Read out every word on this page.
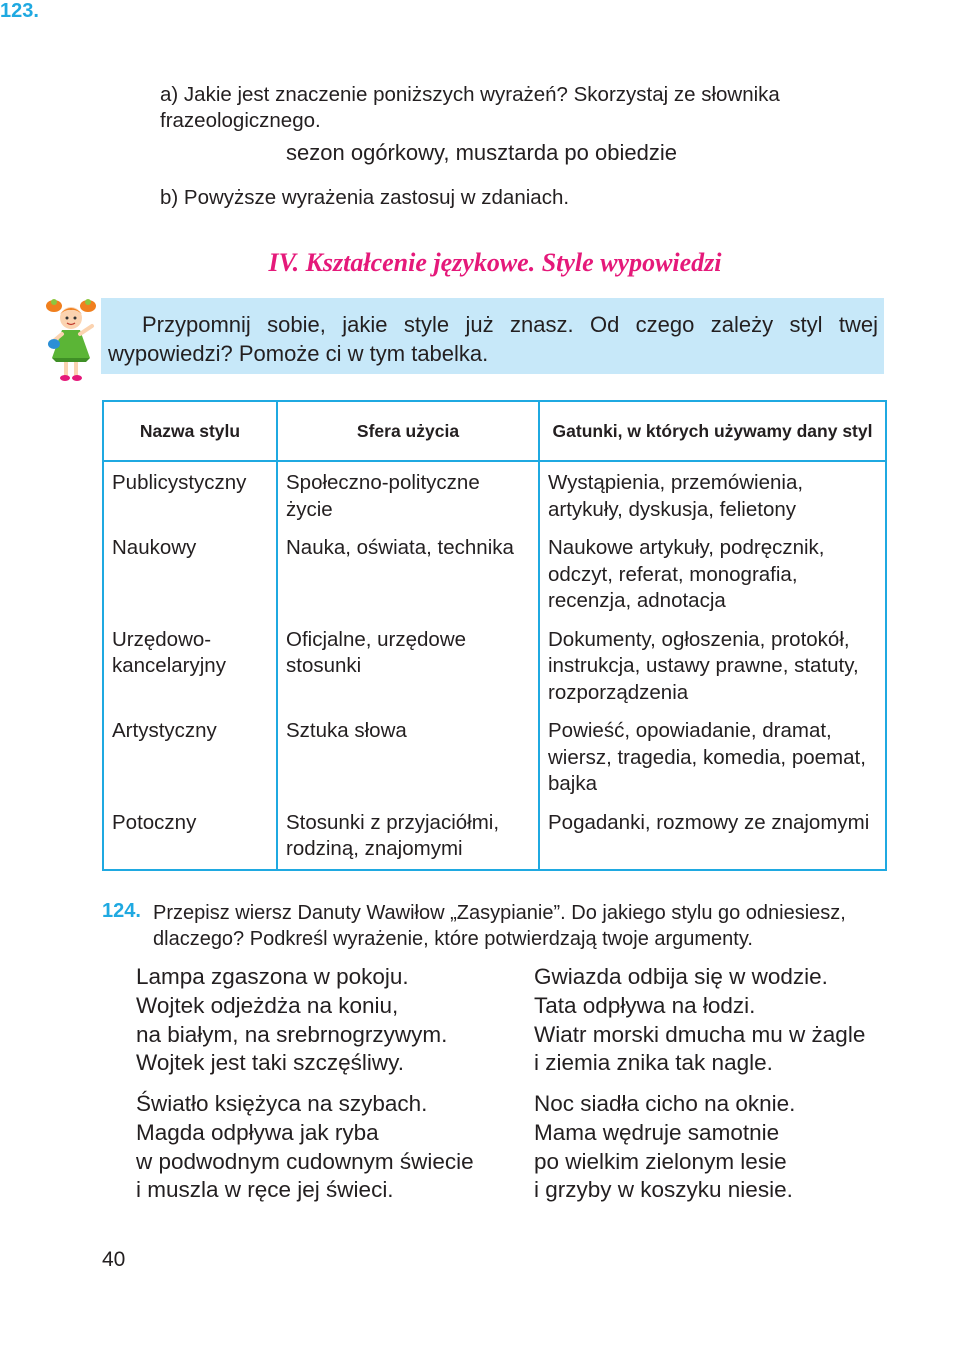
123.
a) Jakie jest znaczenie poniższych wyrażeń? Skorzystaj ze słownika frazeologicznego.
sezon ogórkowy, musztarda po obiedzie
b) Powyższe wyrażenia zastosuj w zdaniach.
IV. Kształcenie językowe. Style wypowiedzi
Przypomnij sobie, jakie style już znasz. Od czego zależy styl twej wypowiedzi? Pomoże ci w tym tabelka.
Nazwa stylu	Sfera użycia	Gatunki, w których używamy dany styl
Publicystyczny	Społeczno-polityczne życie	Wystąpienia, przemówienia, artykuły, dyskusja, felietony
Naukowy	Nauka, oświata, technika	Naukowe artykuły, podręcznik, odczyt, referat, monografia, recenzja, adnotacja
Urzędowo-kancelaryjny	Oficjalne, urzędowe stosunki	Dokumenty, ogłoszenia, protokół, instrukcja, ustawy prawne, statuty, rozporządzenia
Artystyczny	Sztuka słowa	Powieść, opowiadanie, dramat, wiersz, tragedia, komedia, poemat, bajka
Potoczny	Stosunki z przyjaciółmi, rodziną, znajomymi	Pogadanki, rozmowy ze znajomymi
124. Przepisz wiersz Danuty Wawiłow „Zasypianie”. Do jakiego stylu go odniesiesz, dlaczego? Podkreśl wyrażenie, które potwierdzają twoje argumenty.
Lampa zgaszona w pokoju.
Wojtek odjeżdża na koniu,
na białym, na srebrnogrzywym.
Wojtek jest taki szczęśliwy.
Gwiazda odbija się w wodzie.
Tata odpływa na łodzi.
Wiatr morski dmucha mu w żagle
i ziemia znika tak nagle.
Światło księżyca na szybach.
Magda odpływa jak ryba
w podwodnym cudownym świecie
i muszla w ręce jej świeci.
Noc siadła cicho na oknie.
Mama wędruje samotnie
po wielkim zielonym lesie
i grzyby w koszyku niesie.
40
